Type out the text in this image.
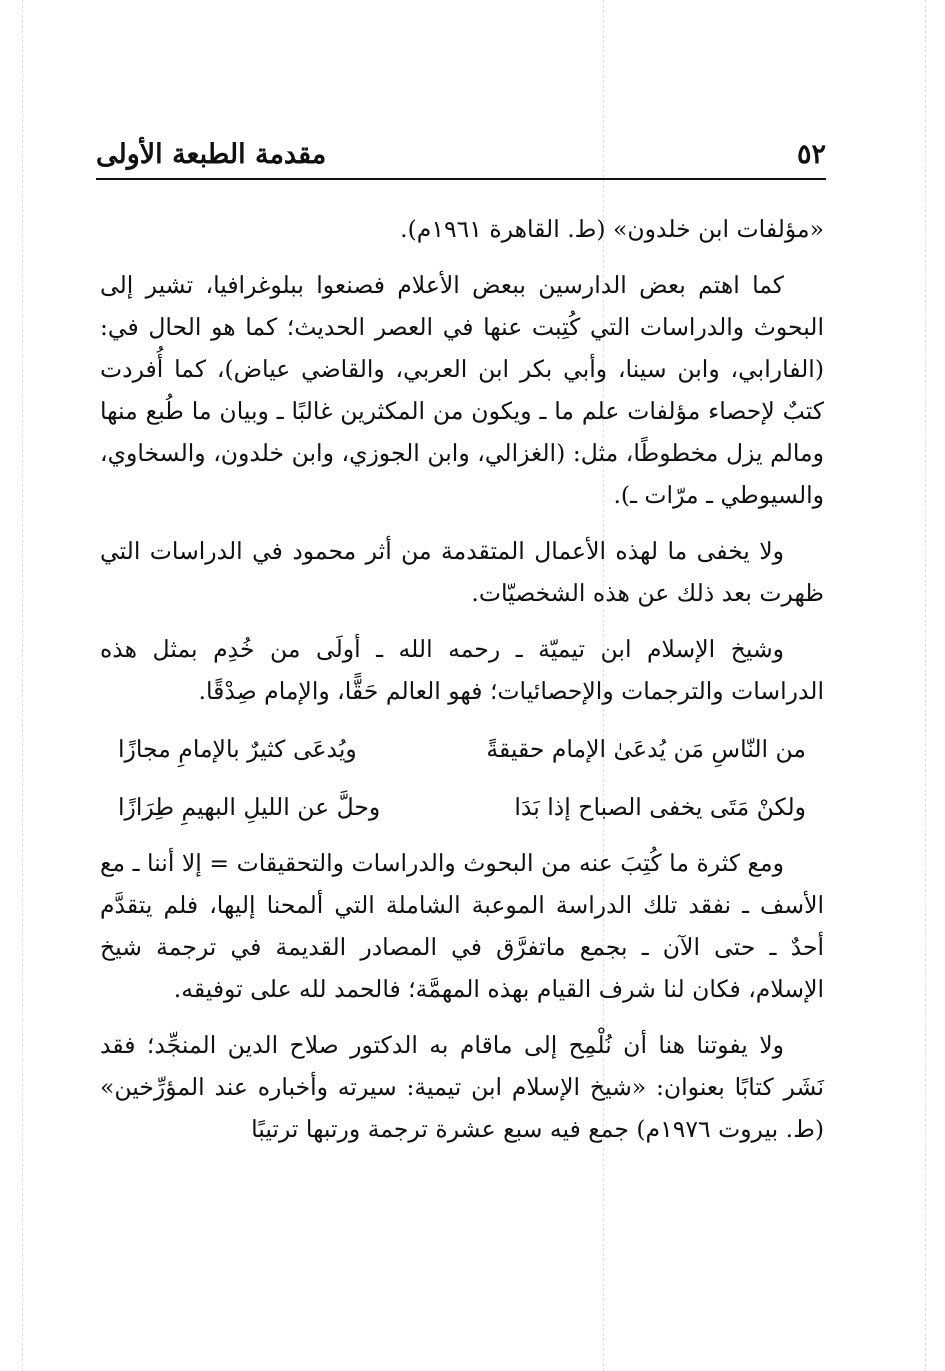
٥٢
مقدمة الطبعة الأولى

«مؤلفات ابن خلدون» (ط. القاهرة ١٩٦١م).

كما اهتم بعض الدارسين ببعض الأعلام فصنعوا ببلوغرافيا، تشير إلى البحوث والدراسات التي كُتِبت عنها في العصر الحديث؛ كما هو الحال في: (الفارابي، وابن سينا، وأبي بكر ابن العربي، والقاضي عياض)، كما أُفردت كتبٌ لإحصاء مؤلفات علم ما ـ ويكون من المكثرين غالبًا ـ وبيان ما طُبع منها ومالم يزل مخطوطًا، مثل: (الغزالي، وابن الجوزي، وابن خلدون، والسخاوي، والسيوطي ـ مرّات ـ).

ولا يخفى ما لهذه الأعمال المتقدمة من أثر محمود في الدراسات التي ظهرت بعد ذلك عن هذه الشخصيّات.

وشيخ الإسلام ابن تيميّة ـ رحمه الله ـ أولَى من خُدِم بمثل هذه الدراسات والترجمات والإحصائيات؛ فهو العالم حَقًّا، والإمام صِدْقًا.

من النّاسِ مَن يُدعَىٰ الإمام حقيقةً
ويُدعَى كثيرٌ بالإمامِ مجازًا
ولكنْ مَتَى يخفى الصباح إذا بَدَا
وحلَّ عن الليلِ البهيمِ طِرَازًا

ومع كثرة ما كُتِبَ عنه من البحوث والدراسات والتحقيقات = إلا أننا ـ مع الأسف ـ نفقد تلك الدراسة الموعبة الشاملة التي ألمحنا إليها، فلم يتقدَّم أحدٌ ـ حتى الآن ـ بجمع ماتفرَّق في المصادر القديمة في ترجمة شيخ الإسلام، فكان لنا شرف القيام بهذه المهمَّة؛ فالحمد لله على توفيقه.

ولا يفوتنا هنا أن نُلْمِح إلى ماقام به الدكتور صلاح الدين المنجِّد؛ فقد نَشَر كتابًا بعنوان: «شيخ الإسلام ابن تيمية: سيرته وأخباره عند المؤرِّخين» (ط. بيروت ١٩٧٦م) جمع فيه سبع عشرة ترجمة ورتبها ترتيبًا
